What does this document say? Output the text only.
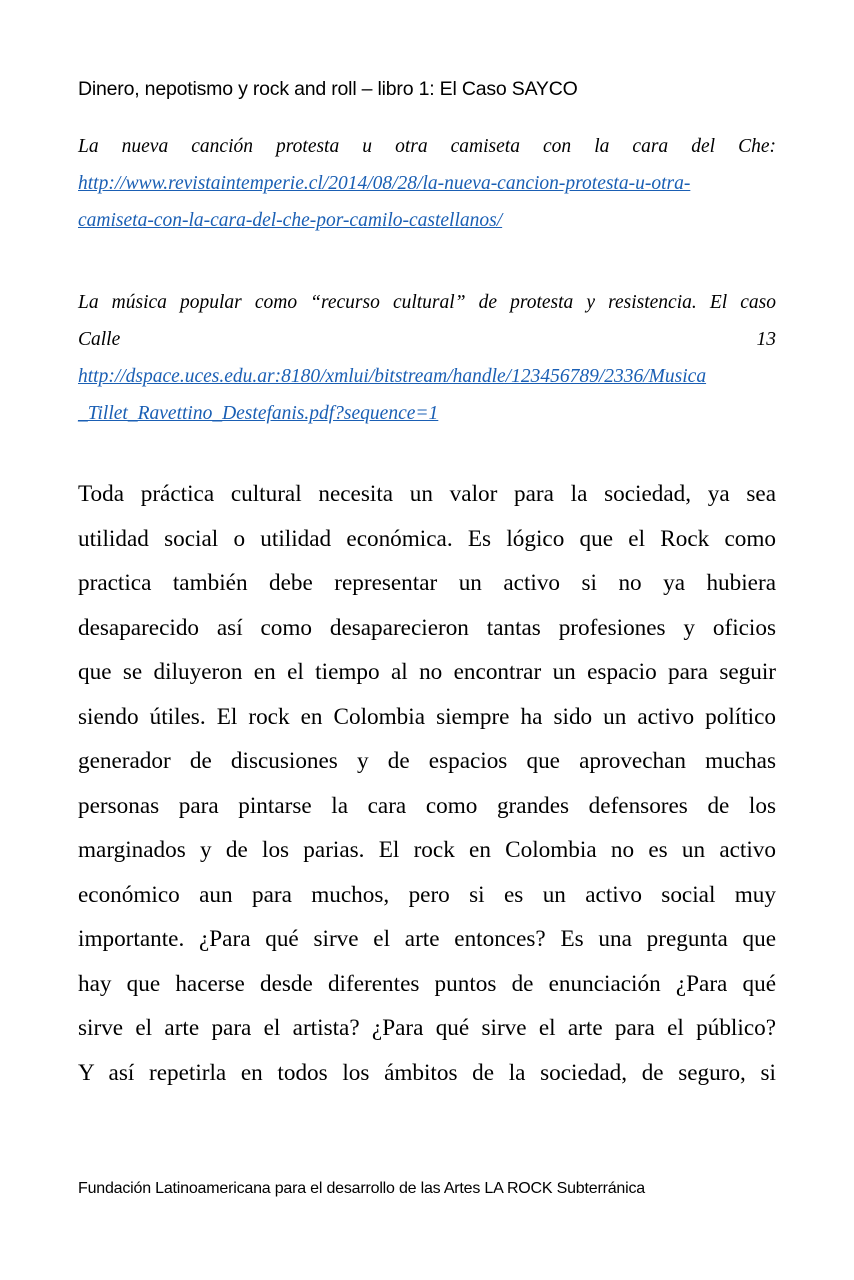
Dinero, nepotismo y rock and roll – libro 1: El Caso SAYCO
La nueva canción protesta u otra camiseta con la cara del Che:
http://www.revistaintemperie.cl/2014/08/28/la-nueva-cancion-protesta-u-otra-
camiseta-con-la-cara-del-che-por-camilo-castellanos/
La música popular como “recurso cultural” de protesta y resistencia. El caso
Calle	13
http://dspace.uces.edu.ar:8180/xmlui/bitstream/handle/123456789/2336/Musica
_Tillet_Ravettino_Destefanis.pdf?sequence=1
Toda práctica cultural necesita un valor para la sociedad, ya sea
utilidad social o utilidad económica. Es lógico que el Rock como
practica también debe representar un activo si no ya hubiera
desaparecido así como desaparecieron tantas profesiones y oficios
que se diluyeron en el tiempo al no encontrar un espacio para seguir
siendo útiles. El rock en Colombia siempre ha sido un activo político
generador de discusiones y de espacios que aprovechan muchas
personas para pintarse la cara como grandes defensores de los
marginados y de los parias. El rock en Colombia no es un activo
económico aun para muchos, pero si es un activo social muy
importante. ¿Para qué sirve el arte entonces? Es una pregunta que
hay que hacerse desde diferentes puntos de enunciación ¿Para qué
sirve el arte para el artista? ¿Para qué sirve el arte para el público?
Y así repetirla en todos los ámbitos de la sociedad, de seguro, si
Fundación Latinoamericana para el desarrollo de las Artes LA ROCK Subterránica
